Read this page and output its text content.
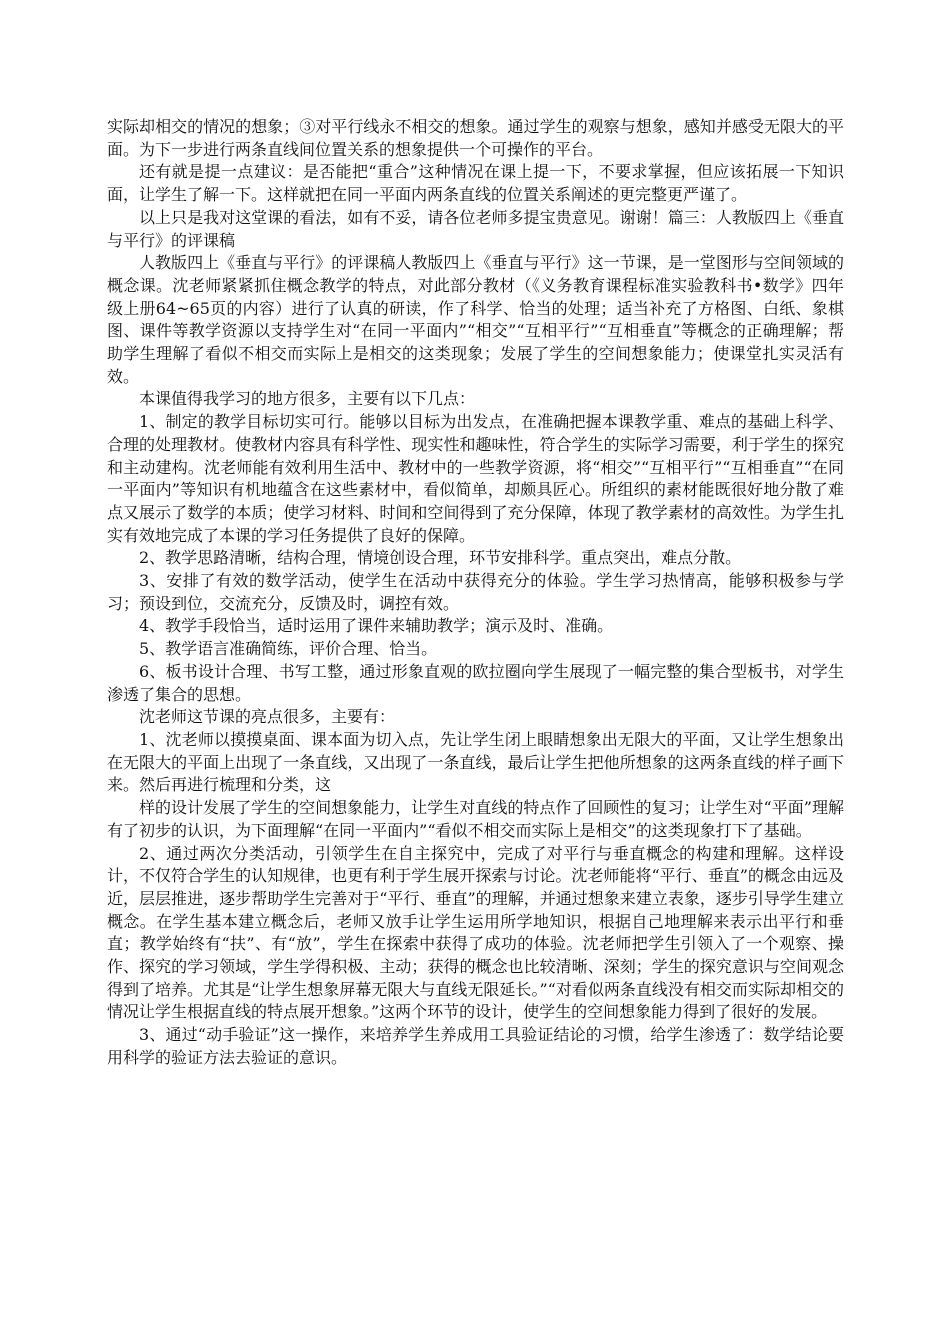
实际却相交的情况的想象；③对平行线永不相交的想象。通过学生的观察与想象，感知并感受无限大的平面。为下一步进行两条直线间位置关系的想象提供一个可操作的平台。

还有就是提一点建议：是否能把“重合”这种情况在课上提一下，不要求掌握，但应该拓展一下知识面，让学生了解一下。这样就把在同一平面内两条直线的位置关系阐述的更完整更严谨了。

以上只是我对这堂课的看法，如有不妥，请各位老师多提宝贵意见。谢谢！篇三：人教版四上《垂直与平行》的评课稿

人教版四上《垂直与平行》的评课稿人教版四上《垂直与平行》这一节课，是一堂图形与空间领域的概念课。沈老师紧紧抓住概念教学的特点，对此部分教材（《义务教育课程标准实验教科书•数学》四年级上册64~65页的内容）进行了认真的研读，作了科学、恰当的处理；适当补充了方格图、白纸、象棋图、课件等教学资源以支持学生对“在同一平面内”“相交”“互相平行”“互相垂直”等概念的正确理解；帮助学生理解了看似不相交而实际上是相交的这类现象；发展了学生的空间想象能力；使课堂扎实灵活有效。

本课值得我学习的地方很多，主要有以下几点：

1、制定的教学目标切实可行。能够以目标为出发点，在准确把握本课教学重、难点的基础上科学、合理的处理教材。使教材内容具有科学性、现实性和趣味性，符合学生的实际学习需要，利于学生的探究和主动建构。沈老师能有效利用生活中、教材中的一些教学资源，将“相交”“互相平行”“互相垂直”“在同一平面内”等知识有机地蕴含在这些素材中，看似简单，却颇具匠心。所组织的素材能既很好地分散了难点又展示了数学的本质；使学习材料、时间和空间得到了充分保障，体现了教学素材的高效性。为学生扎实有效地完成了本课的学习任务提供了良好的保障。

2、教学思路清晰，结构合理，情境创设合理，环节安排科学。重点突出，难点分散。

3、安排了有效的数学活动，使学生在活动中获得充分的体验。学生学习热情高，能够积极参与学习；预设到位，交流充分，反馈及时，调控有效。

4、教学手段恰当，适时运用了课件来辅助教学；演示及时、准确。

5、教学语言准确简练，评价合理、恰当。

6、板书设计合理、书写工整，通过形象直观的欧拉圈向学生展现了一幅完整的集合型板书，对学生渗透了集合的思想。

沈老师这节课的亮点很多，主要有：

1、沈老师以摸摸桌面、课本面为切入点，先让学生闭上眼睛想象出无限大的平面，又让学生想象出在无限大的平面上出现了一条直线，又出现了一条直线，最后让学生把他所想象的这两条直线的样子画下来。然后再进行梳理和分类，这

样的设计发展了学生的空间想象能力，让学生对直线的特点作了回顾性的复习；让学生对“平面”理解有了初步的认识，为下面理解“在同一平面内”“看似不相交而实际上是相交”的这类现象打下了基础。

2、通过两次分类活动，引领学生在自主探究中，完成了对平行与垂直概念的构建和理解。这样设计，不仅符合学生的认知规律，也更有利于学生展开探索与讨论。沈老师能将“平行、垂直”的概念由远及近，层层推进，逐步帮助学生完善对于“平行、垂直”的理解，并通过想象来建立表象，逐步引导学生建立概念。在学生基本建立概念后，老师又放手让学生运用所学地知识，根据自己地理解来表示出平行和垂直；教学始终有“扶”、有“放”，学生在探索中获得了成功的体验。沈老师把学生引领入了一个观察、操作、探究的学习领域，学生学得积极、主动；获得的概念也比较清晰、深刻；学生的探究意识与空间观念得到了培养。尤其是“让学生想象屏幕无限大与直线无限延长。”“对看似两条直线没有相交而实际却相交的情况让学生根据直线的特点展开想象。”这两个环节的设计，使学生的空间想象能力得到了很好的发展。

3、通过“动手验证”这一操作，来培养学生养成用工具验证结论的习惯，给学生渗透了：数学结论要用科学的验证方法去验证的意识。
